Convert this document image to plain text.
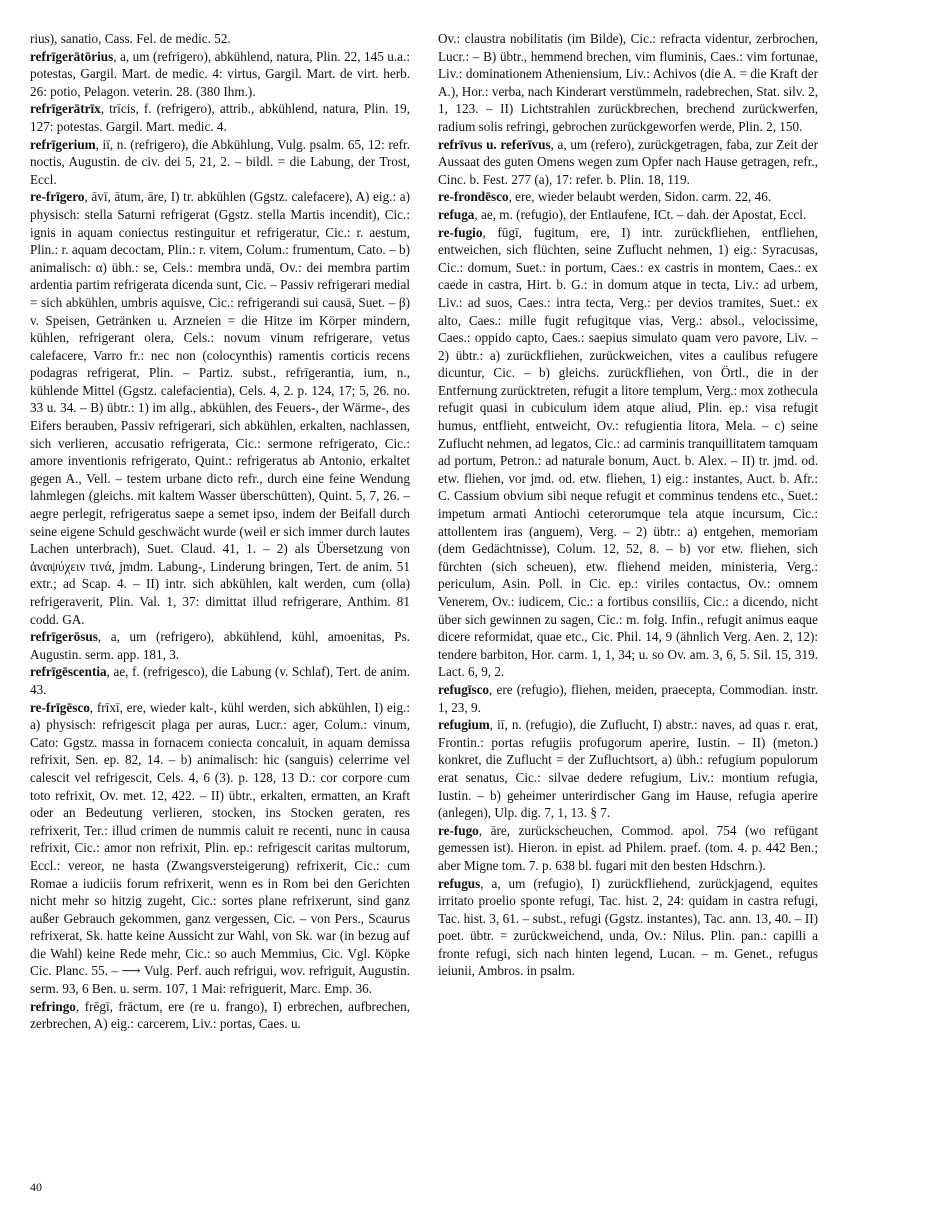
rius), sanatio, Cass. Fel. de medic. 52.

refrīgerātōrius, a, um (refrigero), abkühlend, natura, Plin. 22, 145 u.a.: potestas, Gargil. Mart. de medic. 4: virtus, Gargil. Mart. de virt. herb. 26: potio, Pelagon. veterin. 28. (380 Ihm.).

refrīgerātrīx, trīcis, f. (refrigero), attrib., abkühlend, natura, Plin. 19, 127: potestas. Gargil. Mart. medic. 4.

refrīgerium, iī, n. (refrigero), die Abkühlung, Vulg. psalm. 65, 12: refr. noctis, Augustin. de civ. dei 5, 21, 2. – bildl. = die Labung, der Trost, Eccl.

re-frīgero, āvī, ātum, āre, I) tr. abkühlen (Ggstz. calefacere), A) eig.: a) physisch: stella Saturni refrigerat (Ggstz. stella Martis incendit), Cic.: ignis in aquam coniectus restinguitur et refrigeratur, Cic.: r. aestum, Plin.: r. aquam decoctam, Plin.: r. vitem, Colum.: frumentum, Cato. – b) animalisch: α) übh.: se, Cels.: membra undā, Ov.: dei membra partim ardentia partim refrigerata dicenda sunt, Cic. – Passiv refrigerari medial = sich abkühlen, umbris aquisve, Cic.: refrigerandi sui causā, Suet. – β) v. Speisen, Getränken u. Arzneien = die Hitze im Körper mindern, kühlen, refrigerant olera, Cels.: novum vinum refrigerare, vetus calefacere, Varro fr.: nec non (colocynthis) ramentis corticis recens podagras refrigerat, Plin. – Partiz. subst., refrīgerantia, ium, n., kühlende Mittel (Ggstz. calefacientia), Cels. 4, 2. p. 124, 17; 5, 26. no. 33 u. 34. – B) übtr.: 1) im allg., abkühlen, des Feuers-, der Wärme-, des Eifers berauben, Passiv refrigerari, sich abkühlen, erkalten, nachlassen, sich verlieren, accusatio refrigerata, Cic.: sermone refrigerato, Cic.: amore inventionis refrigerato, Quint.: refrigeratus ab Antonio, erkaltet gegen A., Vell. – testem urbane dicto refr., durch eine feine Wendung lahmlegen (gleichs. mit kaltem Wasser überschütten), Quint. 5, 7, 26. – aegre perlegit, refrigeratus saepe a semet ipso, indem der Beifall durch seine eigene Schuld geschwächt wurde (weil er sich immer durch lautes Lachen unterbrach), Suet. Claud. 41, 1. – 2) als Übersetzung von ἀναψύχειν τινά, jmdm. Labung-, Linderung bringen, Tert. de anim. 51 extr.; ad Scap. 4. – II) intr. sich abkühlen, kalt werden, cum (olla) refrigeraverit, Plin. Val. 1, 37: dimittat illud refrigerare, Anthim. 81 codd. GA.

refrīgerōsus, a, um (refrigero), abkühlend, kühl, amoenitas, Ps. Augustin. serm. app. 181, 3.

refrīgēscentia, ae, f. (refrigesco), die Labung (v. Schlaf), Tert. de anim. 43.

re-frīgēsco, frīxī, ere, wieder kalt-, kühl werden, sich abkühlen, I) eig.: a) physisch: refrigescit plaga per auras, Lucr.: ager, Colum.: vinum, Cato: Ggstz. massa in fornacem coniecta concaluit, in aquam demissa refrixit, Sen. ep. 82, 14. – b) animalisch: hic (sanguis) celerrime vel calescit vel refrigescit, Cels. 4, 6 (3). p. 128, 13 D.: cor corpore cum toto refrixit, Ov. met. 12, 422. – II) übtr., erkalten, ermatten, an Kraft oder an Bedeutung verlieren, stocken, ins Stocken geraten, res refrixerit, Ter.: illud crimen de nummis caluit re recenti, nunc in causa refrixit, Cic.: amor non refrixit, Plin. ep.: refrigescit caritas multorum, Eccl.: vereor, ne hasta (Zwangsversteigerung) refrixerit, Cic.: cum Romae a iudiciis forum refrixerit, wenn es in Rom bei den Gerichten nicht mehr so hitzig zugeht, Cic.: sortes plane refrixerunt, sind ganz außer Gebrauch gekommen, ganz vergessen, Cic. – von Pers., Scaurus refrixerat, Sk. hatte keine Aussicht zur Wahl, von Sk. war (in bezug auf die Wahl) keine Rede mehr, Cic.: so auch Memmius, Cic. Vgl. Köpke Cic. Planc. 55. – ⟶ Vulg. Perf. auch refrigui, wov. refriguit, Augustin. serm. 93, 6 Ben. u. serm. 107, 1 Mai: refriguerit, Marc. Emp. 36.

refringo, frēgī, frāctum, ere (re u. frango), I) erbrechen, aufbrechen, zerbrechen, A) eig.: carcerem, Liv.: portas, Caes. u.

Ov.: claustra nobilitatis (im Bilde), Cic.: refracta videntur, zerbrochen, Lucr.: – B) übtr., hemmend brechen, vim fluminis, Caes.: vim fortunae, Liv.: dominationem Atheniensium, Liv.: Achivos (die A. = die Kraft der A.), Hor.: verba, nach Kinderart verstümmeln, radebrechen, Stat. silv. 2, 1, 123. – II) Lichtstrahlen zurückbrechen, brechend zurückwerfen, radium solis refringi, gebrochen zurückgeworfen werde, Plin. 2, 150.

refrīvus u. referīvus, a, um (refero), zurückgetragen, faba, zur Zeit der Aussaat des guten Omens wegen zum Opfer nach Hause getragen, refr., Cinc. b. Fest. 277 (a), 17: refer. b. Plin. 18, 119.

re-frondēsco, ere, wieder belaubt werden, Sidon. carm. 22, 46.

refuga, ae, m. (refugio), der Entlaufene, ICt. – dah. der Apostat, Eccl.

re-fugio, fūgī, fugitum, ere, I) intr. zurückfliehen, entfliehen, entweichen, sich flüchten, seine Zuflucht nehmen, 1) eig.: Syracusas, Cic.: domum, Suet.: in portum, Caes.: ex castris in montem, Caes.: ex caede in castra, Hirt. b. G.: in domum atque in tecta, Liv.: ad urbem, Liv.: ad suos, Caes.: intra tecta, Verg.: per devios tramites, Suet.: ex alto, Caes.: mille fugit refugitque vias, Verg.: absol., velocissime, Caes.: oppido capto, Caes.: saepius simulato quam vero pavore, Liv. – 2) übtr.: a) zurückfliehen, zurückweichen, vites a caulibus refugere dicuntur, Cic. – b) gleichs. zurückfliehen, von Örtl., die in der Entfernung zurücktreten, refugit a litore templum, Verg.: mox zothecula refugit quasi in cubiculum idem atque aliud, Plin. ep.: visa refugit humus, entflieht, entweicht, Ov.: refugientia litora, Mela. – c) seine Zuflucht nehmen, ad legatos, Cic.: ad carminis tranquillitatem tamquam ad portum, Petron.: ad naturale bonum, Auct. b. Alex. – II) tr. jmd. od. etw. fliehen, vor jmd. od. etw. fliehen, 1) eig.: instantes, Auct. b. Afr.: C. Cassium obvium sibi neque refugit et comminus tendens etc., Suet.: impetum armati Antiochi ceterorumque tela atque incursum, Cic.: attollentem iras (anguem), Verg. – 2) übtr.: a) entgehen, memoriam (dem Gedächtnisse), Colum. 12, 52, 8. – b) vor etw. fliehen, sich fürchten (sich scheuen), etw. fliehend meiden, ministeria, Verg.: periculum, Asin. Poll. in Cic. ep.: viriles contactus, Ov.: omnem Venerem, Ov.: iudicem, Cic.: a fortibus consiliis, Cic.: a dicendo, nicht über sich gewinnen zu sagen, Cic.: m. folg. Infin., refugit animus eaque dicere reformidat, quae etc., Cic. Phil. 14, 9 (ähnlich Verg. Aen. 2, 12): tendere barbiton, Hor. carm. 1, 1, 34; u. so Ov. am. 3, 6, 5. Sil. 15, 319. Lact. 6, 9, 2.

refugīsco, ere (refugio), fliehen, meiden, praecepta, Commodian. instr. 1, 23, 9.

refugium, iī, n. (refugio), die Zuflucht, I) abstr.: naves, ad quas r. erat, Frontin.: portas refugiis profugorum aperire, Iustin. – II) (meton.) konkret, die Zuflucht = der Zufluchtsort, a) übh.: refugium populorum erat senatus, Cic.: silvae dedere refugium, Liv.: montium refugia, Iustin. – b) geheimer unterirdischer Gang im Hause, refugia aperire (anlegen), Ulp. dig. 7, 1, 13. § 7.

re-fugo, āre, zurückscheuchen, Commod. apol. 754 (wo refūgant gemessen ist). Hieron. in epist. ad Philem. praef. (tom. 4. p. 442 Ben.; aber Migne tom. 7. p. 638 bl. fugari mit den besten Hdschrn.).

refugus, a, um (refugio), I) zurückfliehend, zurückjagend, equites irritato proelio sponte refugi, Tac. hist. 2, 24: quidam in castra refugi, Tac. hist. 3, 61. – subst., refugi (Ggstz. instantes), Tac. ann. 13, 40. – II) poet. übtr. = zurückweichend, unda, Ov.: Nilus. Plin. pan.: capilli a fronte refugi, sich nach hinten legend, Lucan. – m. Genet., refugus ieiunii, Ambros. in psalm.

40
